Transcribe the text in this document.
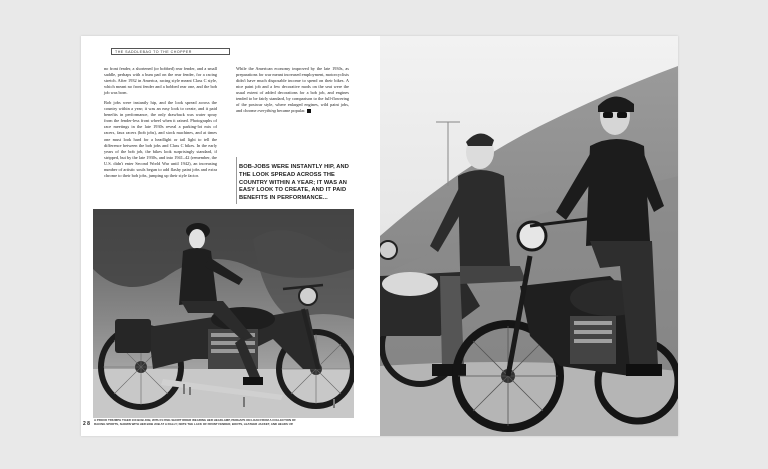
THE SADDLEBAG TO THE CHOPPER

no front fender, a shortened (or bobbed) rear fender, and a small saddle, perhaps with a bum pad on the rear fender, for a racing stretch. After 1932 in America, racing style meant Class C style, which meant no front fender and a bobbed rear one, and the bob job was born.

Bob jobs were instantly hip, and the look spread across the country within a year; it was an easy look to create, and it paid benefits in performance, the only drawback was water spray from the fender-less front wheel when it rained. Photographs of race meetings in the late 1930s reveal a parking-lot mix of racers, faux racers (bob jobs), and stock machines, and at times one must look hard for a headlight or tail light to tell the difference between the bob jobs and Class C bikes. In the early years of the bob job, the bikes look surprisingly standard, if stripped, but by the late 1930s, and into 1941–42 (remember, the U.S. didn't enter Second World War until 1942), an increasing number of artistic souls began to add flashy paint jobs and extra chrome to their bob jobs, jumping up their style factor.

While the American economy improved by the late 1930s, as preparations for war meant increased employment, motorcyclists didn't have much disposable income to spend on their bikes. A nice paint job and a few decorative mods on the seat were the usual extent of added decorations for a bob job, and engines tended to be fairly standard, by comparison to the full-flowering of the postwar style, where enlarged engines, wild paint jobs, and chrome everything became popular.

BOB-JOBS WERE INSTANTLY HIP, AND THE LOOK SPREAD ACROSS THE COUNTRY WITHIN A YEAR; IT WAS AN EASY LOOK TO CREATE, AND IT PAID BENEFITS IN PERFORMANCE...
A PROUD TRIUMPH TIGER 100 BOB JOB, WITH FLYING SHORT RIDER WEARING HER HEADLAMP, PERHAPS ON LOAN FROM A COLLECTION OF RACING SPORTS, SHOWN WITH HER BOB JOB AT A RALLY; NOTE THE LACK OF FRONT FENDER, BOOTS, LEATHER JACKET, AND HEADS UP.
2 8
